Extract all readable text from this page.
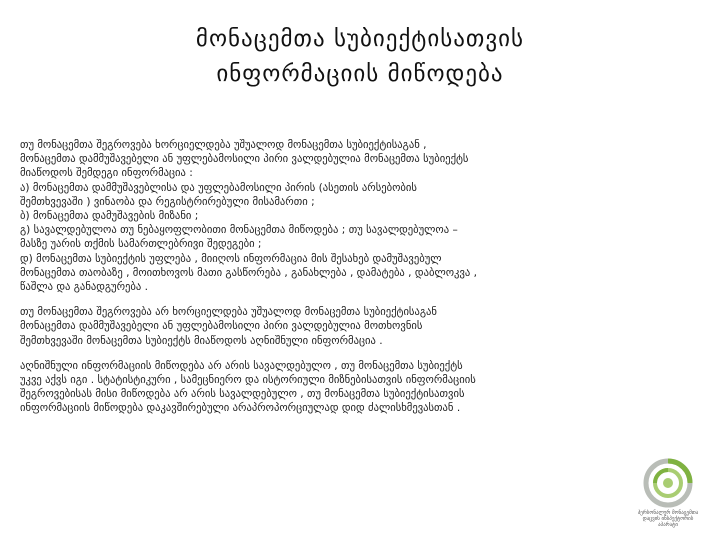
მონაცემთა სუბიექტისათვის
ინფორმაციის მიწოდება

თუ მონაცემთა შეგროვება ხორციელდება უშუალოდ მონაცემთა სუბიექტისაგან ,
მონაცემთა დამმუშავებელი ან უფლებამოსილი პირი ვალდებულია მონაცემთა სუბიექტს
მიაწოდოს შემდეგი ინფორმაცია :
ა) მონაცემთა დამმუშავებლისა და უფლებამოსილი პირის (ასეთის არსებობის
შემთხვევაში ) ვინაობა და რეგისტრირებული მისამართი ;
ბ) მონაცემთა დამუშავების მიზანი ;
გ) სავალდებულოა თუ ნებაყოფლობითი მონაცემთა მიწოდება ; თუ სავალდებულოა –
მასზე უარის თქმის სამართლებრივი შედეგები ;
დ) მონაცემთა სუბიექტის უფლება , მიიღოს ინფორმაცია მის შესახებ დამუშავებულ
მონაცემთა თაობაზე , მოითხოვოს მათი გასწორება , განახლება , დამატება , დაბლოკვა ,
წაშლა და განადგურება .

თუ მონაცემთა შეგროვება არ ხორციელდება უშუალოდ მონაცემთა სუბიექტისაგან
მონაცემთა დამმუშავებელი ან უფლებამოსილი პირი ვალდებულია მოთხოვნის
შემთხვევაში მონაცემთა სუბიექტს მიაწოდოს აღნიშნული ინფორმაცია .

აღნიშნული ინფორმაციის მიწოდება არ არის სავალდებულო , თუ მონაცემთა სუბიექტს
უკვე აქვს იგი . სტატისტიკური , სამეცნიერო და ისტორიული მიზნებისათვის ინფორმაციის
შეგროვებისას მისი მიწოდება არ არის სავალდებულო , თუ მონაცემთა სუბიექტისათვის
ინფორმაციის მიწოდება დაკავშირებული არაპროპორციულად დიდ ძალისხმევასთან .

პერსონალურ მონაცემთა
დაცვის ინსპექტორის
აპარატი
